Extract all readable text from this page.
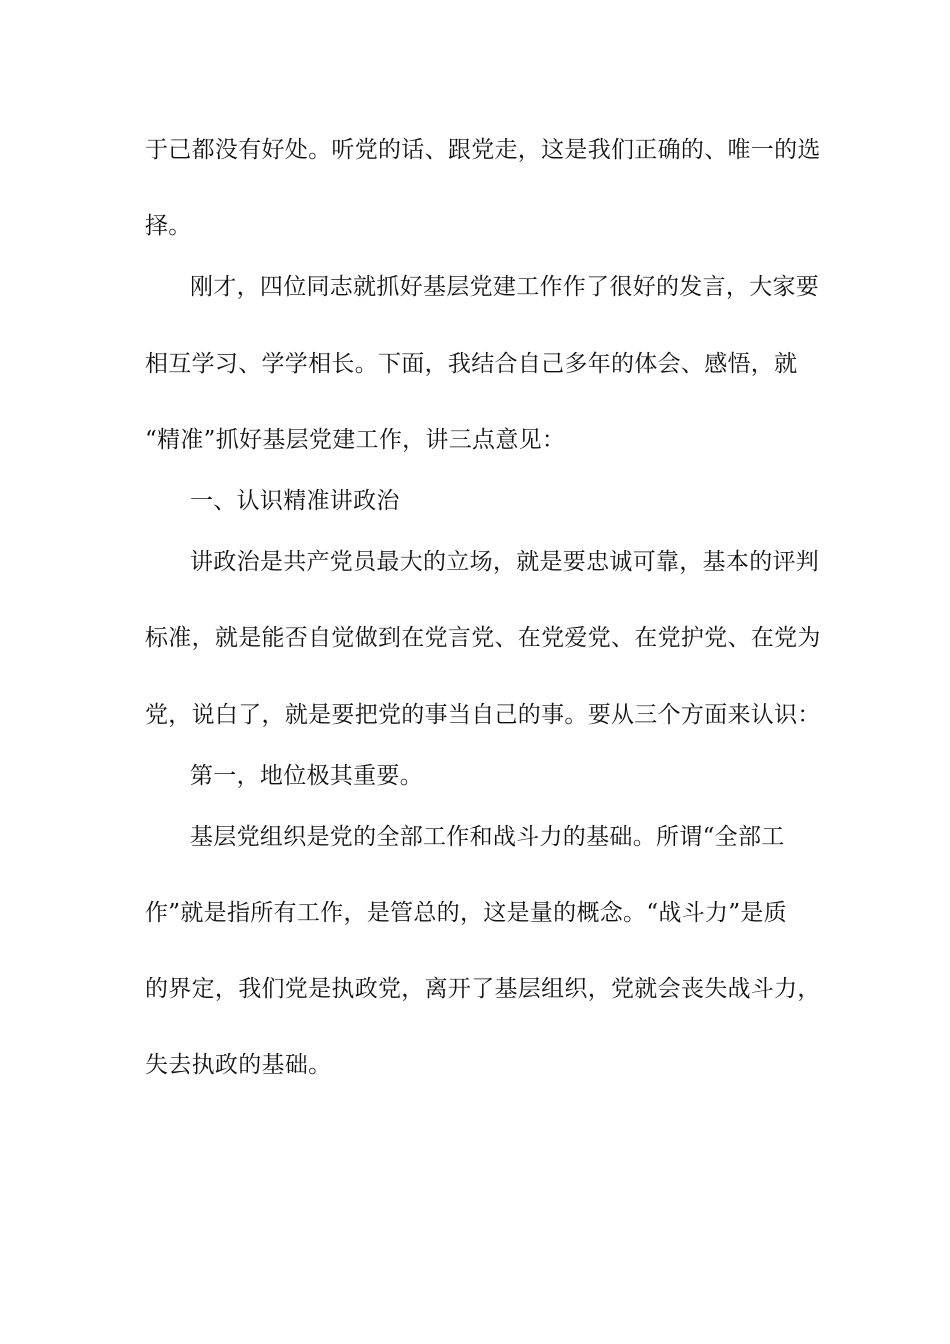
于己都没有好处。听党的话、跟党走，这是我们正确的、唯一的选
择。
刚才，四位同志就抓好基层党建工作作了很好的发言，大家要
相互学习、学学相长。下面，我结合自己多年的体会、感悟，就
“精准”抓好基层党建工作，讲三点意见：
一、认识精准讲政治
讲政治是共产党员最大的立场，就是要忠诚可靠，基本的评判
标准，就是能否自觉做到在党言党、在党爱党、在党护党、在党为
党，说白了，就是要把党的事当自己的事。要从三个方面来认识：
第一，地位极其重要。
基层党组织是党的全部工作和战斗力的基础。所谓“全部工
作”就是指所有工作，是管总的，这是量的概念。“战斗力”是质
的界定，我们党是执政党，离开了基层组织，党就会丧失战斗力，
失去执政的基础。
